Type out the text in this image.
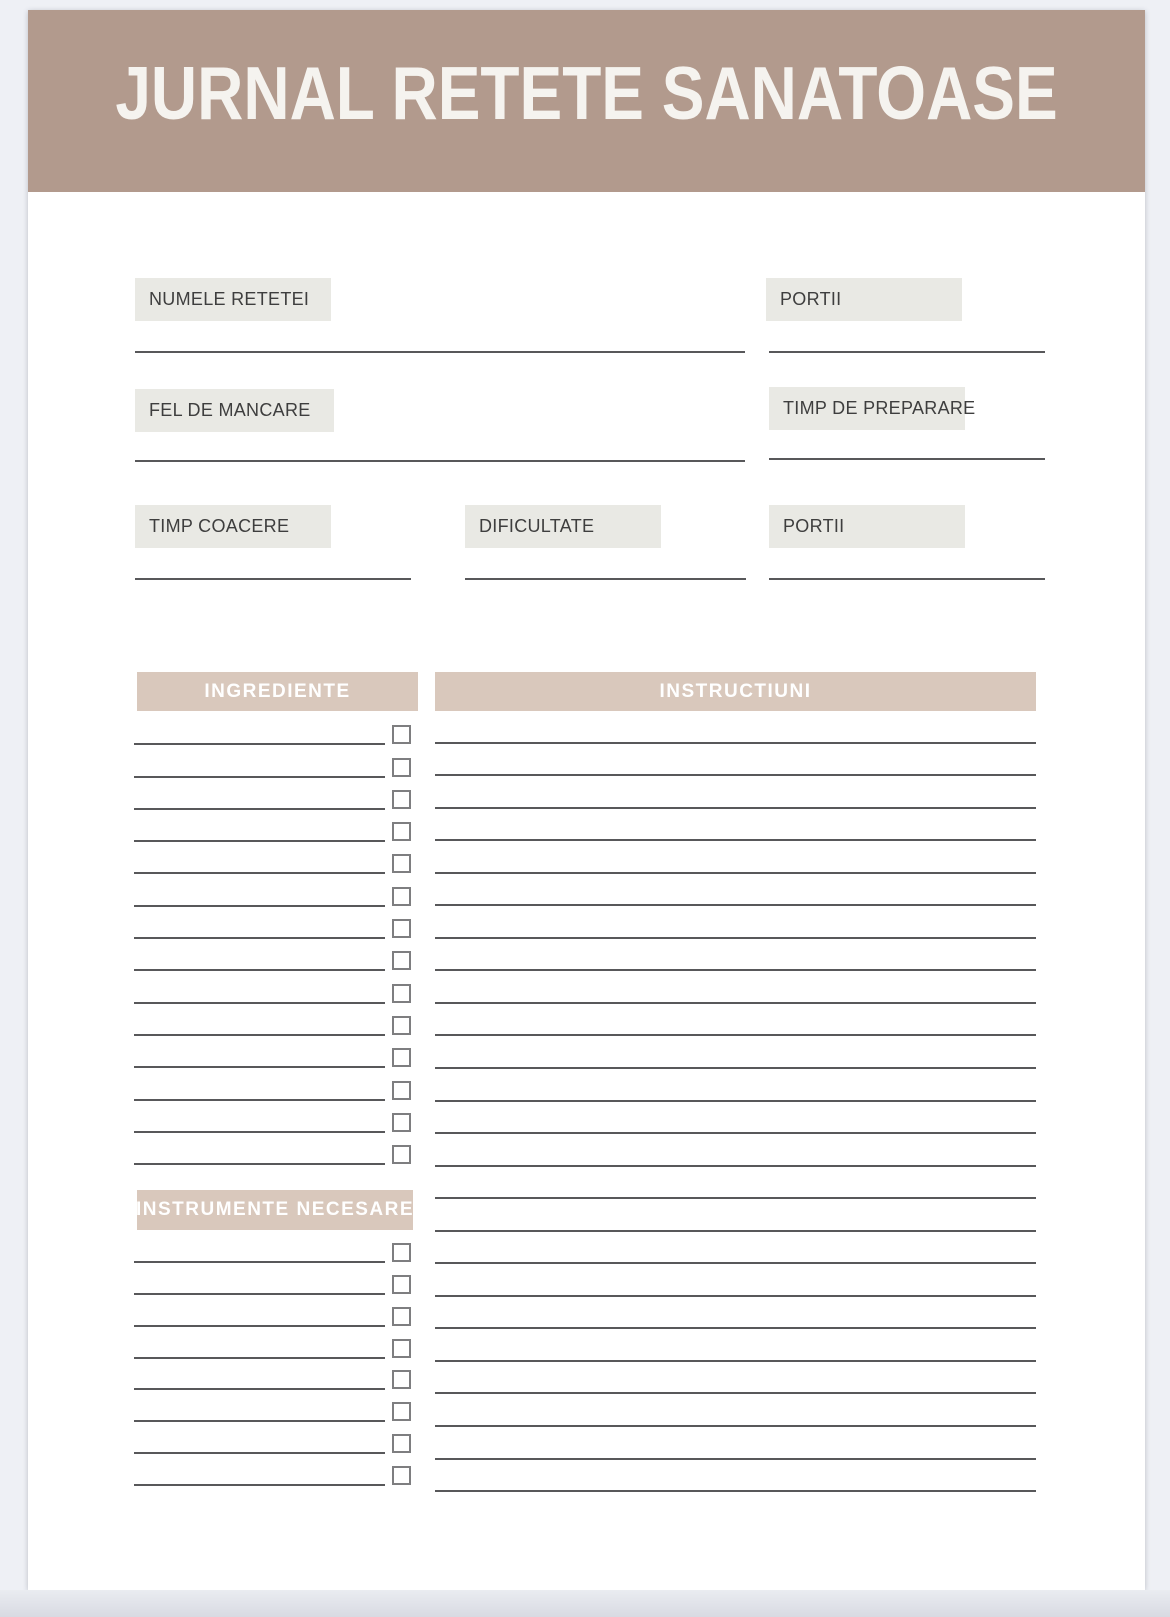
JURNAL RETETE SANATOASE
NUMELE RETETEI	PORTII
FEL DE MANCARE	TIMP DE PREPARARE
TIMP COACERE	DIFICULTATE	PORTII
INGREDIENTE	INSTRUCTIUNI
INSTRUMENTE NECESARE
